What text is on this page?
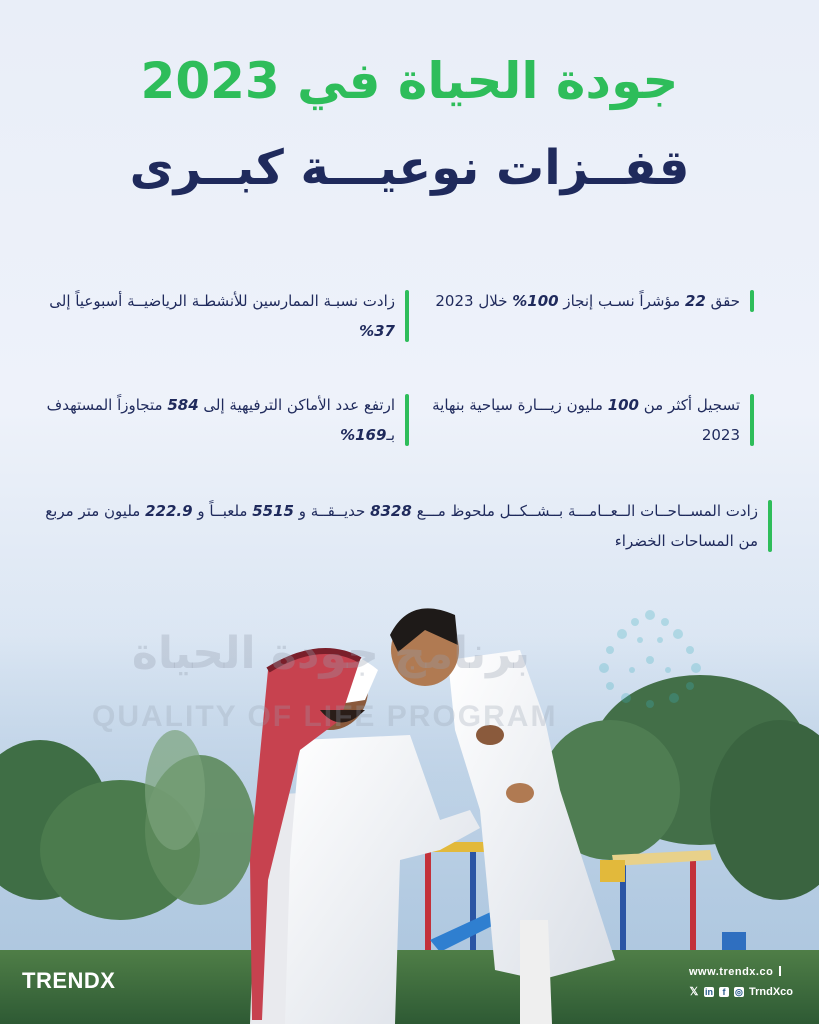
برنامج جودة الحياة
QUALITY OF LIFE PROGRAM
جودة الحياة في 2023
قفــزات نوعيـــة كبــرى
حقق 22 مؤشراً نسـب إنجاز 100% خلال 2023
زادت نسبـة الممارسين للأنشطـة الرياضيــة أسبوعياً إلى 37%
تسجيل أكثر من 100 مليون زيـــارة سياحية بنهاية 2023
ارتفع عدد الأماكن الترفيهية إلى 584 متجاوزاً المستهدف بـ169%
زادت المســاحــات الــعــامـــة بــشــكــل ملحوظ مـــع 8328 حديــقــة و 5515 ملعبــاً و 222.9 مليون متر مربع من المساحات الخضراء
TRENDX	www.trendx.co
𝕏 in	f	◎ TrndXco
